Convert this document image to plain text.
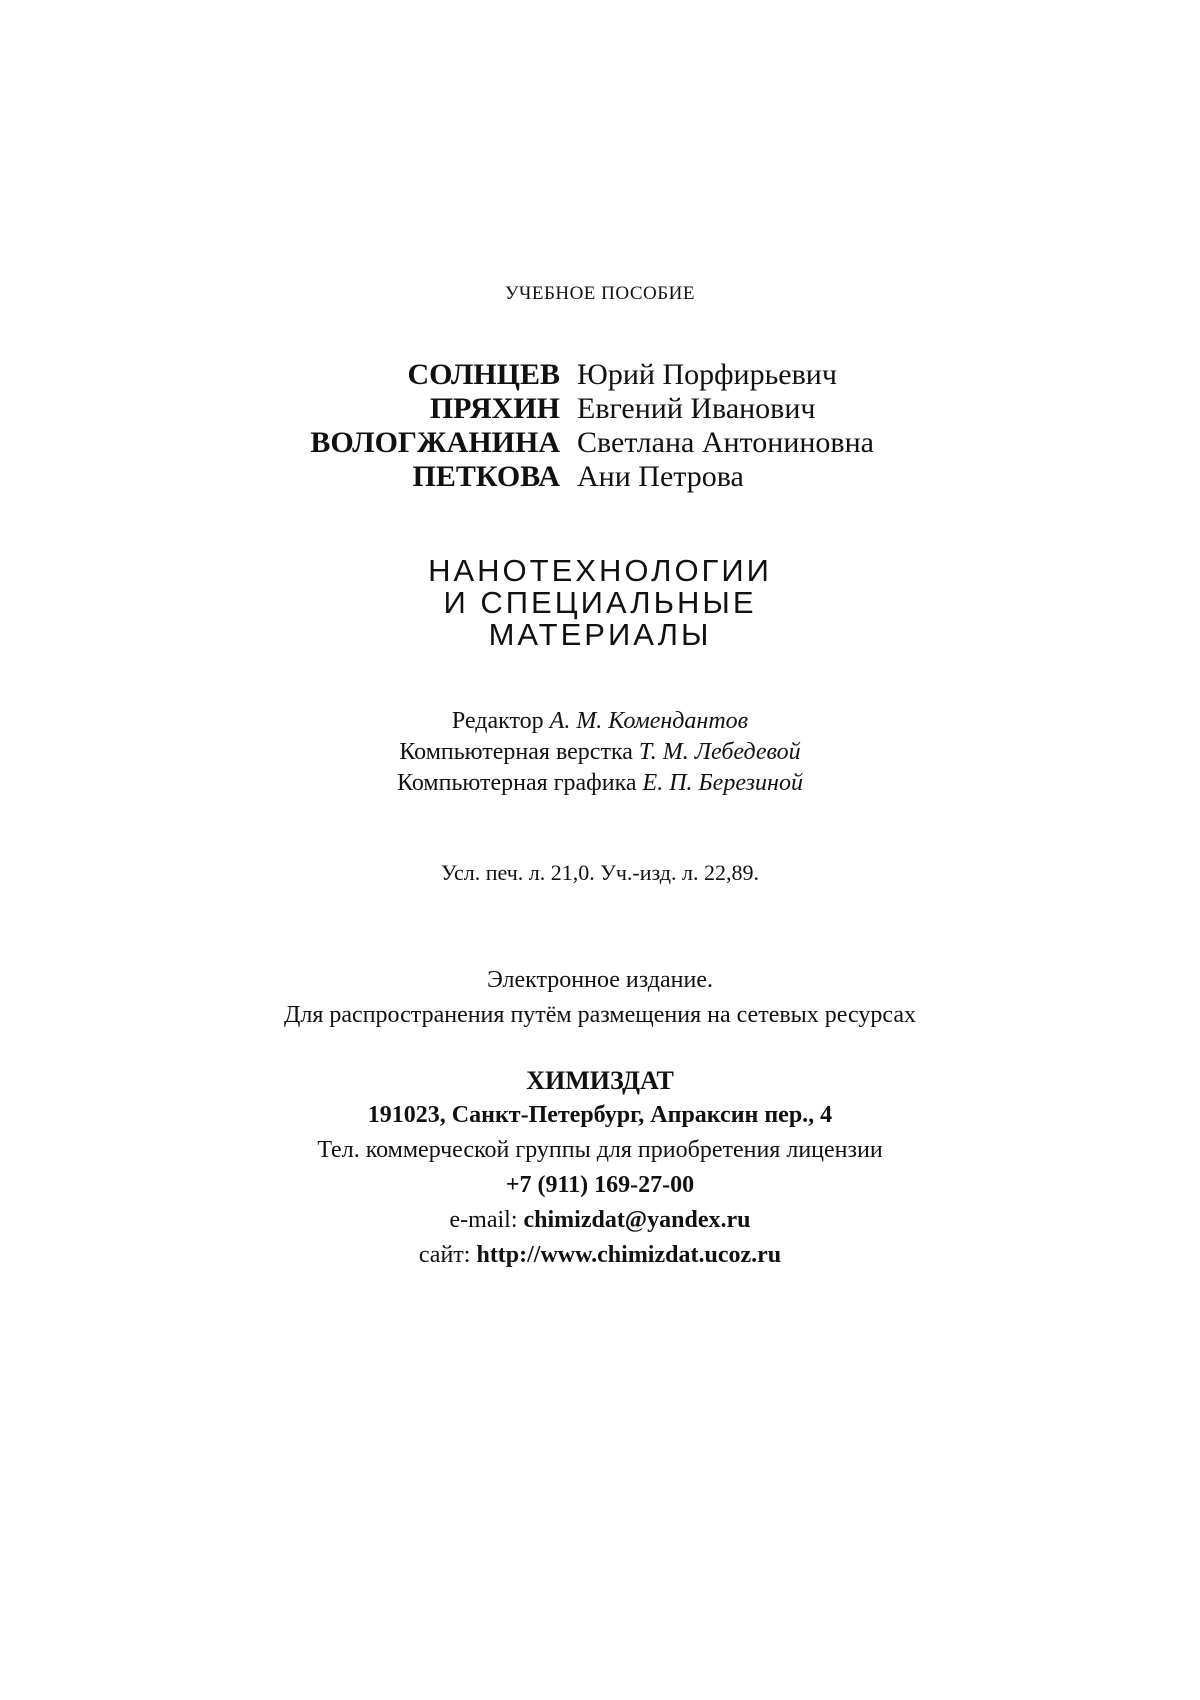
УЧЕБНОЕ ПОСОБИЕ
СОЛНЦЕВ Юрий Порфирьевич
ПРЯХИН Евгений Иванович
ВОЛОГЖАНИНА Светлана Антониновна
ПЕТКОВА Ани Петрова
НАНОТЕХНОЛОГИИ
И СПЕЦИАЛЬНЫЕ
МАТЕРИАЛЫ
Редактор А. М. Комендантов
Компьютерная верстка Т. М. Лебедевой
Компьютерная графика Е. П. Березиной
Усл. печ. л. 21,0. Уч.-изд. л. 22,89.
Электронное издание.
Для распространения путём размещения на сетевых ресурсах
ХИМИЗДАТ
191023, Санкт-Петербург, Апраксин пер., 4
Тел. коммерческой группы для приобретения лицензии
+7 (911) 169-27-00
e-mail: chimizdat@yandex.ru
сайт: http://www.chimizdat.ucoz.ru
